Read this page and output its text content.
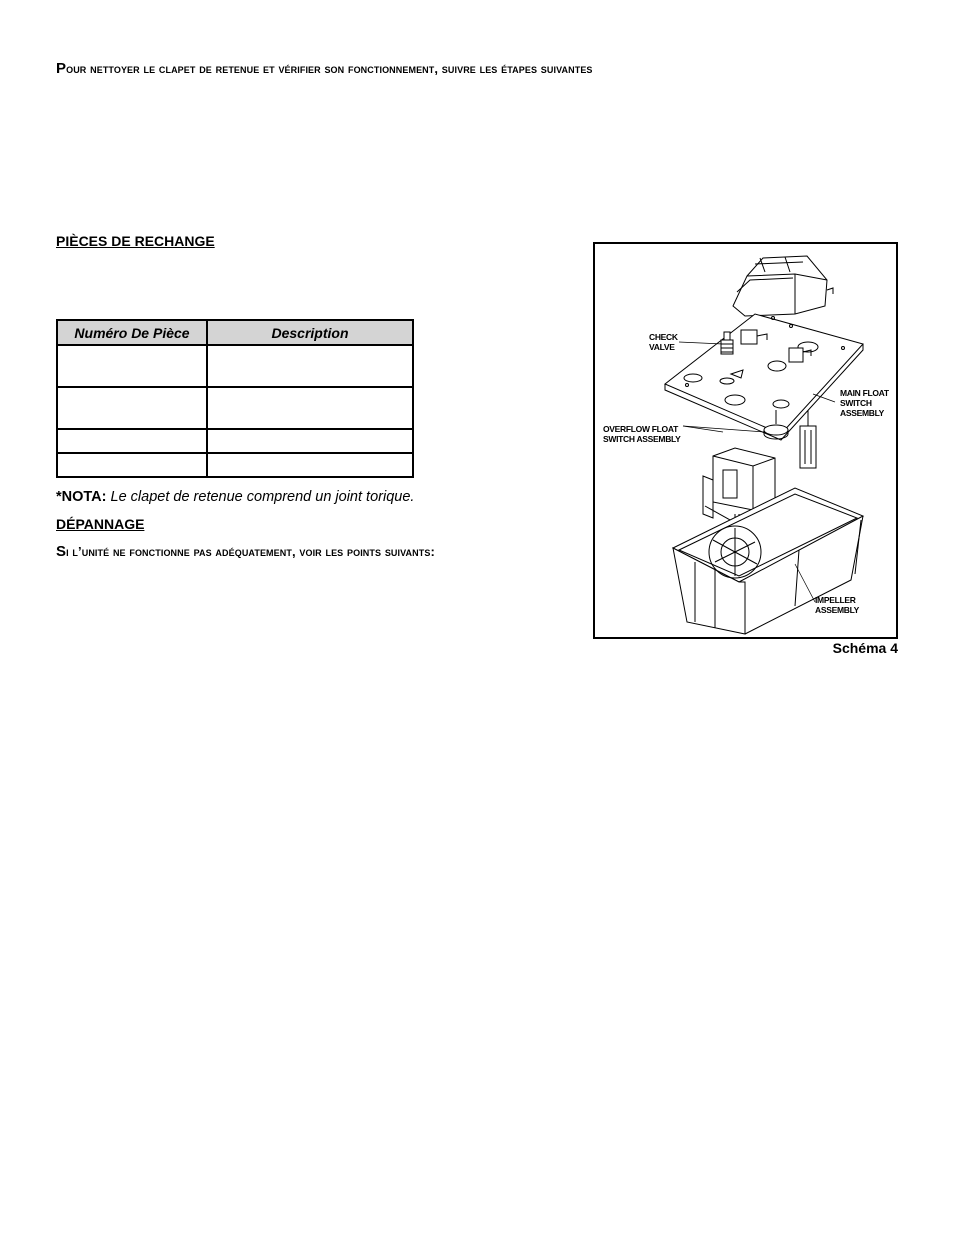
Pour nettoyer le clapet de retenue et vérifier son fonctionnement, suivre les étapes suivantes
PIÈCES DE RECHANGE
Numéro De Pièce	Description

*NOTA: Le clapet de retenue comprend un joint torique.
DÉPANNAGE
Si l’unité ne fonctionne pas adéquatement, voir les points suivants:
CHECK
VALVE
MAIN FLOAT
SWITCH
ASSEMBLY
OVERFLOW FLOAT
SWITCH ASSEMBLY
IMPELLER
ASSEMBLY
Schéma 4
